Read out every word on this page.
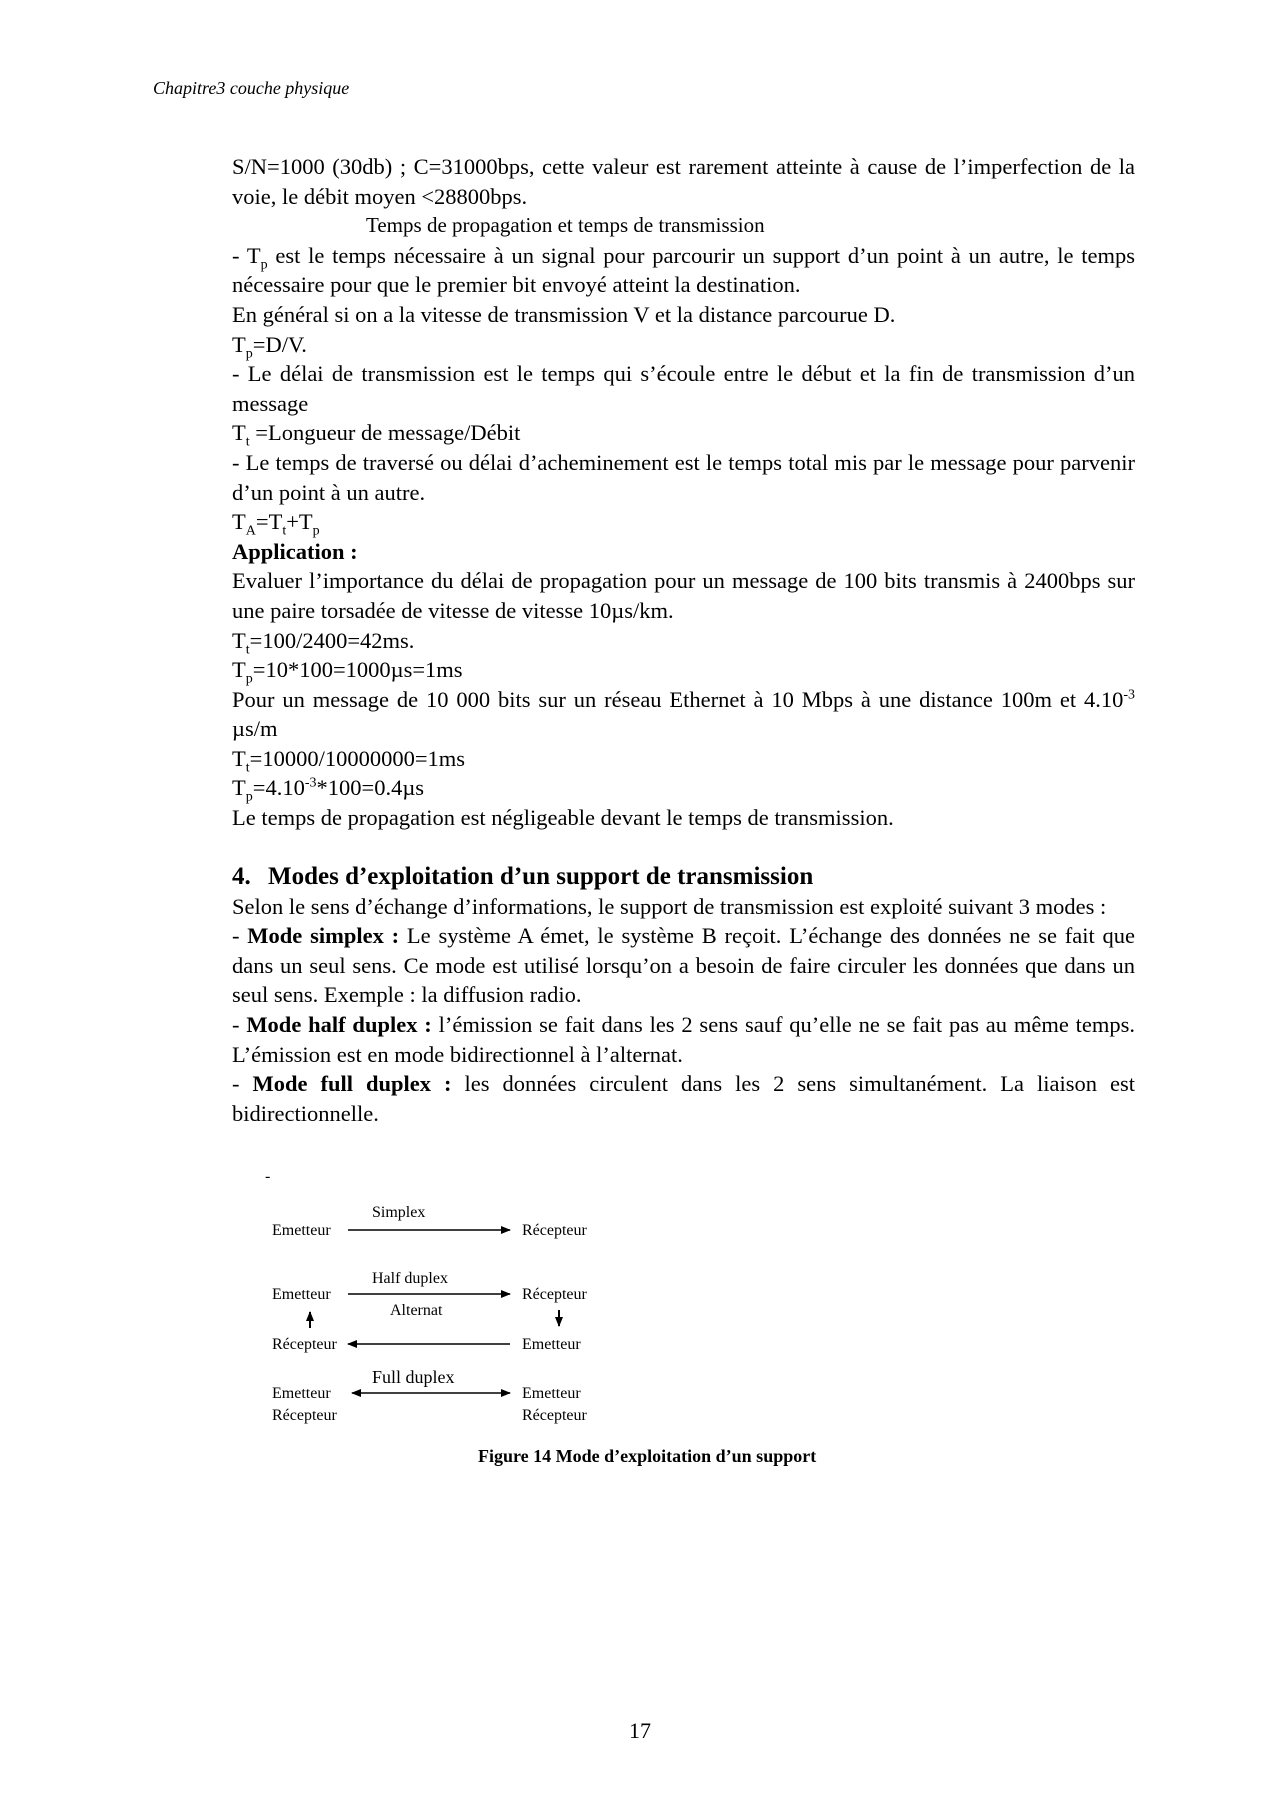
Chapitre3 couche physique

S/N=1000 (30db) ; C=31000bps, cette valeur est rarement atteinte à cause de l’imperfection de la voie, le débit moyen <28800bps.

Temps de propagation et temps de transmission

- $T_p$ est le temps nécessaire à un signal pour parcourir un support d’un point à un autre, le temps nécessaire pour que le premier bit envoyé atteint la destination.

En général si on a la vitesse de transmission V et la distance parcourue D.

$T_p=D/V$.

- Le délai de transmission est le temps qui s’écoule entre le début et la fin de transmission d’un message

$T_t$ =Longueur de message/Débit

- Le temps de traversé ou délai d’acheminement est le temps total mis par le message pour parvenir d’un point à un autre.

$T_A=T_t+T_p$

Application :

Evaluer l’importance du délai de propagation pour un message de 100 bits transmis à 2400bps sur une paire torsadée de vitesse de vitesse 10µs/km.

$T_t=100/2400=42ms$.

$T_p=10*100=1000\mu s=1ms$

Pour un message de 10 000 bits sur un réseau Ethernet à 10 Mbps à une distance 100m et $4.10^{-3}$ µs/m

$T_t=10000/10000000=1ms$

$T_p=4.10^{-3}*100=0.4\mu s$

Le temps de propagation est négligeable devant le temps de transmission.

4. Modes d’exploitation d’un support de transmission

Selon le sens d’échange d’informations, le support de transmission est exploité suivant 3 modes :

- Mode simplex : Le système A émet, le système B reçoit. L’échange des données ne se fait que dans un seul sens. Ce mode est utilisé lorsqu’on a besoin de faire circuler les données que dans un seul sens. Exemple : la diffusion radio.

- Mode half duplex : l’émission se fait dans les 2 sens sauf qu’elle ne se fait pas au même temps. L’émission est en mode bidirectionnel à l’alternat.

- Mode full duplex : les données circulent dans les 2 sens simultanément. La liaison est bidirectionnelle.

-
Simplex
Emetteur	Récepteur
Half duplex
Emetteur	Récepteur
Alternat
Récepteur	Emetteur
Full duplex
Emetteur
Récepteur
Emetteur
Récepteur
Figure 14 Mode d’exploitation d’un support
17
